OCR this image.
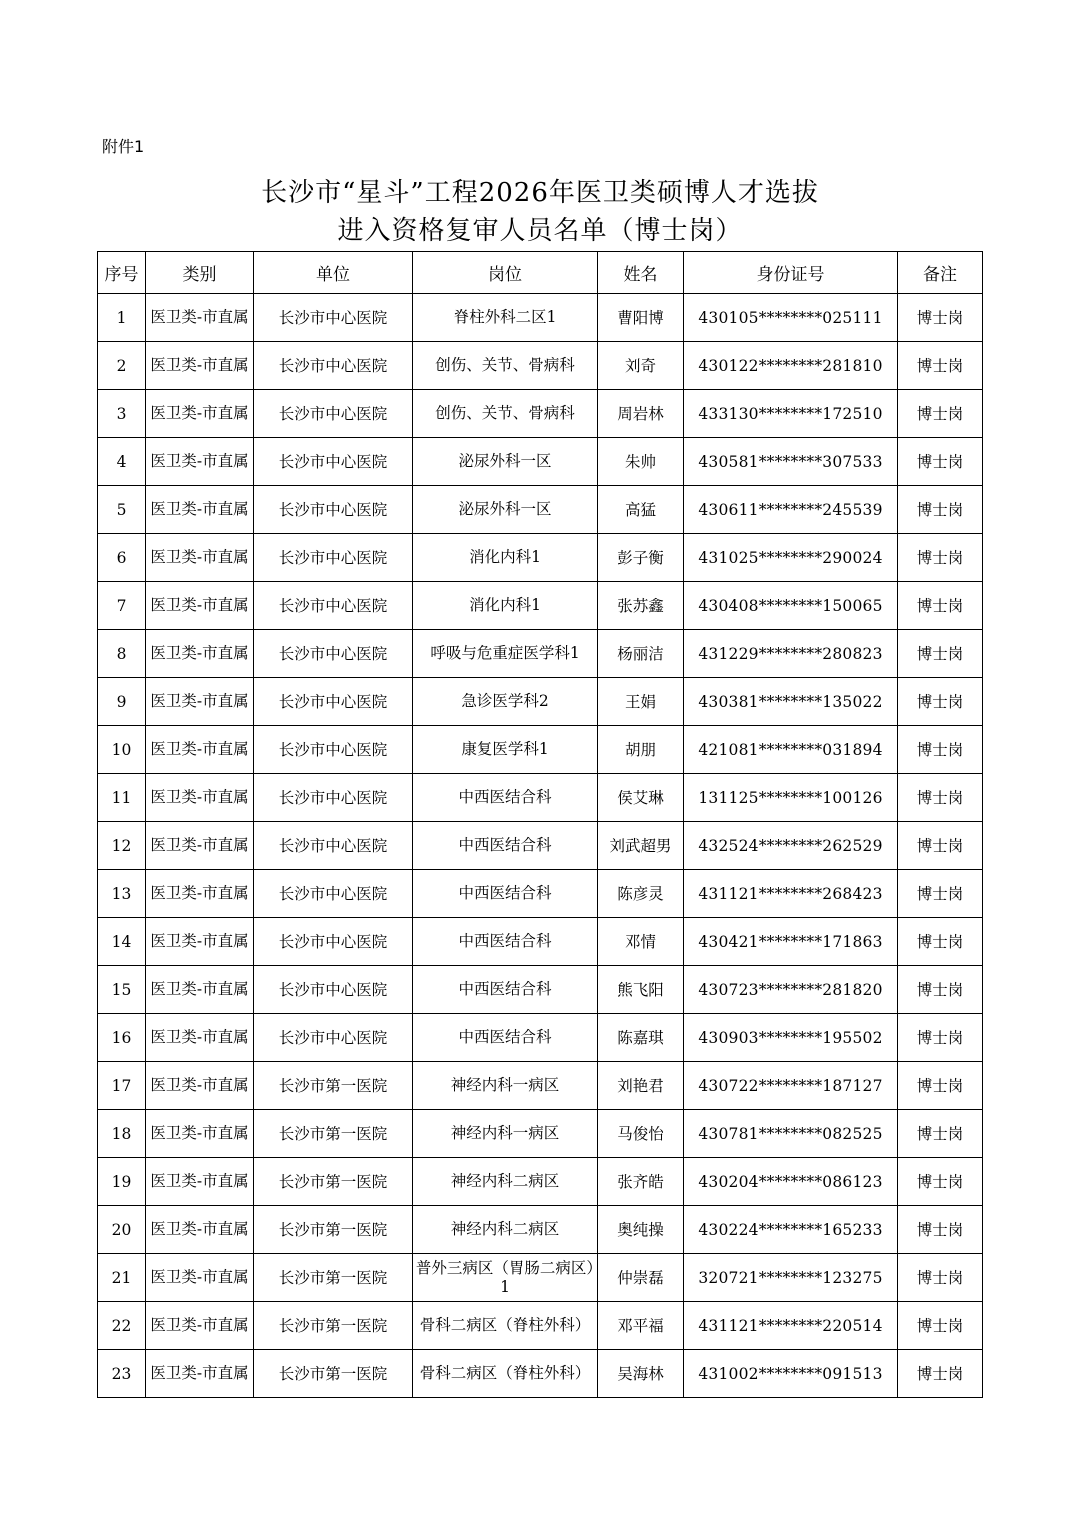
附件1
长沙市“星斗”工程2026年医卫类硕博人才选拔
进入资格复审人员名单（博士岗）
序号	类别	单位	岗位	姓名	身份证号	备注
1	医卫类-市直属	长沙市中心医院	脊柱外科二区1	曹阳博	430105********025111	博士岗
2	医卫类-市直属	长沙市中心医院	创伤、关节、骨病科	刘奇	430122********281810	博士岗
3	医卫类-市直属	长沙市中心医院	创伤、关节、骨病科	周岩林	433130********172510	博士岗
4	医卫类-市直属	长沙市中心医院	泌尿外科一区	朱帅	430581********307533	博士岗
5	医卫类-市直属	长沙市中心医院	泌尿外科一区	高猛	430611********245539	博士岗
6	医卫类-市直属	长沙市中心医院	消化内科1	彭子衡	431025********290024	博士岗
7	医卫类-市直属	长沙市中心医院	消化内科1	张苏鑫	430408********150065	博士岗
8	医卫类-市直属	长沙市中心医院	呼吸与危重症医学科1	杨丽洁	431229********280823	博士岗
9	医卫类-市直属	长沙市中心医院	急诊医学科2	王娟	430381********135022	博士岗
10	医卫类-市直属	长沙市中心医院	康复医学科1	胡朋	421081********031894	博士岗
11	医卫类-市直属	长沙市中心医院	中西医结合科	侯艾琳	131125********100126	博士岗
12	医卫类-市直属	长沙市中心医院	中西医结合科	刘武超男	432524********262529	博士岗
13	医卫类-市直属	长沙市中心医院	中西医结合科	陈彦灵	431121********268423	博士岗
14	医卫类-市直属	长沙市中心医院	中西医结合科	邓情	430421********171863	博士岗
15	医卫类-市直属	长沙市中心医院	中西医结合科	熊飞阳	430723********281820	博士岗
16	医卫类-市直属	长沙市中心医院	中西医结合科	陈嘉琪	430903********195502	博士岗
17	医卫类-市直属	长沙市第一医院	神经内科一病区	刘艳君	430722********187127	博士岗
18	医卫类-市直属	长沙市第一医院	神经内科一病区	马俊怡	430781********082525	博士岗
19	医卫类-市直属	长沙市第一医院	神经内科二病区	张齐皓	430204********086123	博士岗
20	医卫类-市直属	长沙市第一医院	神经内科二病区	奥纯操	430224********165233	博士岗
21	医卫类-市直属	长沙市第一医院	普外三病区（胃肠二病区）1	仲崇磊	320721********123275	博士岗
22	医卫类-市直属	长沙市第一医院	骨科二病区（脊柱外科）	邓平福	431121********220514	博士岗
23	医卫类-市直属	长沙市第一医院	骨科二病区（脊柱外科）	吴海林	431002********091513	博士岗
